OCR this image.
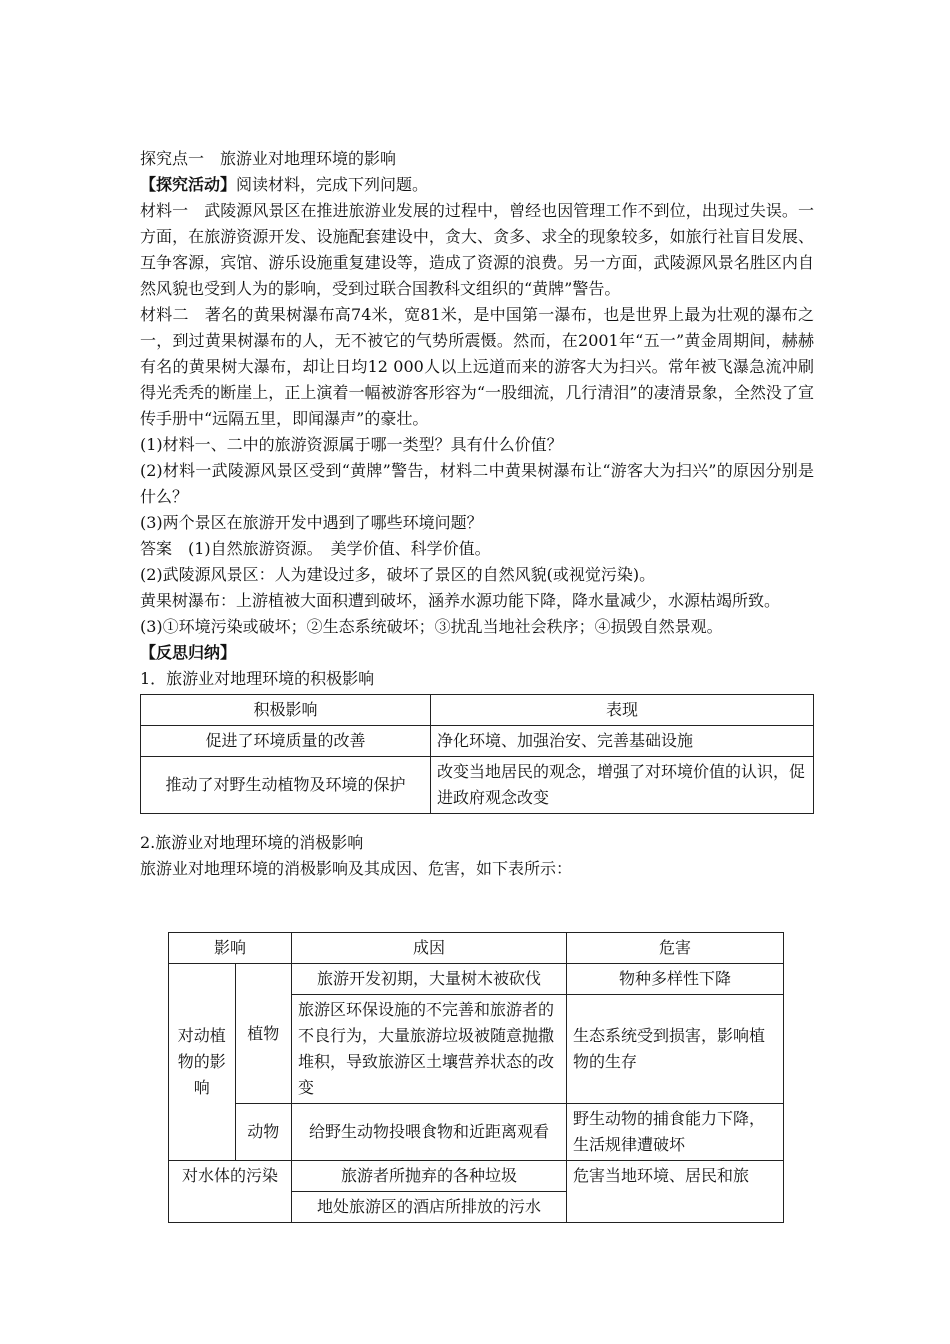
探究点一　旅游业对地理环境的影响

【探究活动】阅读材料，完成下列问题。

材料一　武陵源风景区在推进旅游业发展的过程中，曾经也因管理工作不到位，出现过失误。一方面，在旅游资源开发、设施配套建设中，贪大、贪多、求全的现象较多，如旅行社盲目发展、互争客源，宾馆、游乐设施重复建设等，造成了资源的浪费。另一方面，武陵源风景名胜区内自然风貌也受到人为的影响，受到过联合国教科文组织的“黄牌”警告。

材料二　著名的黄果树瀑布高74米，宽81米，是中国第一瀑布，也是世界上最为壮观的瀑布之一，到过黄果树瀑布的人，无不被它的气势所震慑。然而，在2001年“五一”黄金周期间，赫赫有名的黄果树大瀑布，却让日均12 000人以上远道而来的游客大为扫兴。常年被飞瀑急流冲刷得光秃秃的断崖上，正上演着一幅被游客形容为“一股细流，几行清泪”的凄清景象，全然没了宣传手册中“远隔五里，即闻瀑声”的豪壮。

(1)材料一、二中的旅游资源属于哪一类型？具有什么价值？

(2)材料一武陵源风景区受到“黄牌”警告，材料二中黄果树瀑布让“游客大为扫兴”的原因分别是什么？

(3)两个景区在旅游开发中遇到了哪些环境问题？

答案　(1)自然旅游资源。　美学价值、科学价值。

(2)武陵源风景区：人为建设过多，破坏了景区的自然风貌(或视觉污染)。

黄果树瀑布：上游植被大面积遭到破坏，涵养水源功能下降，降水量减少，水源枯竭所致。

(3)①环境污染或破坏；②生态系统破坏；③扰乱当地社会秩序；④损毁自然景观。

【反思归纳】

1．旅游业对地理环境的积极影响

积极影响	表现
促进了环境质量的改善	净化环境、加强治安、完善基础设施
推动了对野生动植物及环境的保护	改变当地居民的观念，增强了对环境价值的认识，促进政府观念改变

2.旅游业对地理环境的消极影响

旅游业对地理环境的消极影响及其成因、危害，如下表所示：

影响		成因	危害
对动植物的影响	植物	旅游开发初期，大量树木被砍伐	物种多样性下降
		旅游区环保设施的不完善和旅游者的不良行为，大量旅游垃圾被随意抛撒堆积，导致旅游区土壤营养状态的改变	生态系统受到损害，影响植物的生存
	动物	给野生动物投喂食物和近距离观看	野生动物的捕食能力下降，生活规律遭破坏
对水体的污染		旅游者所抛弃的各种垃圾	危害当地环境、居民和旅
		地处旅游区的酒店所排放的污水	
